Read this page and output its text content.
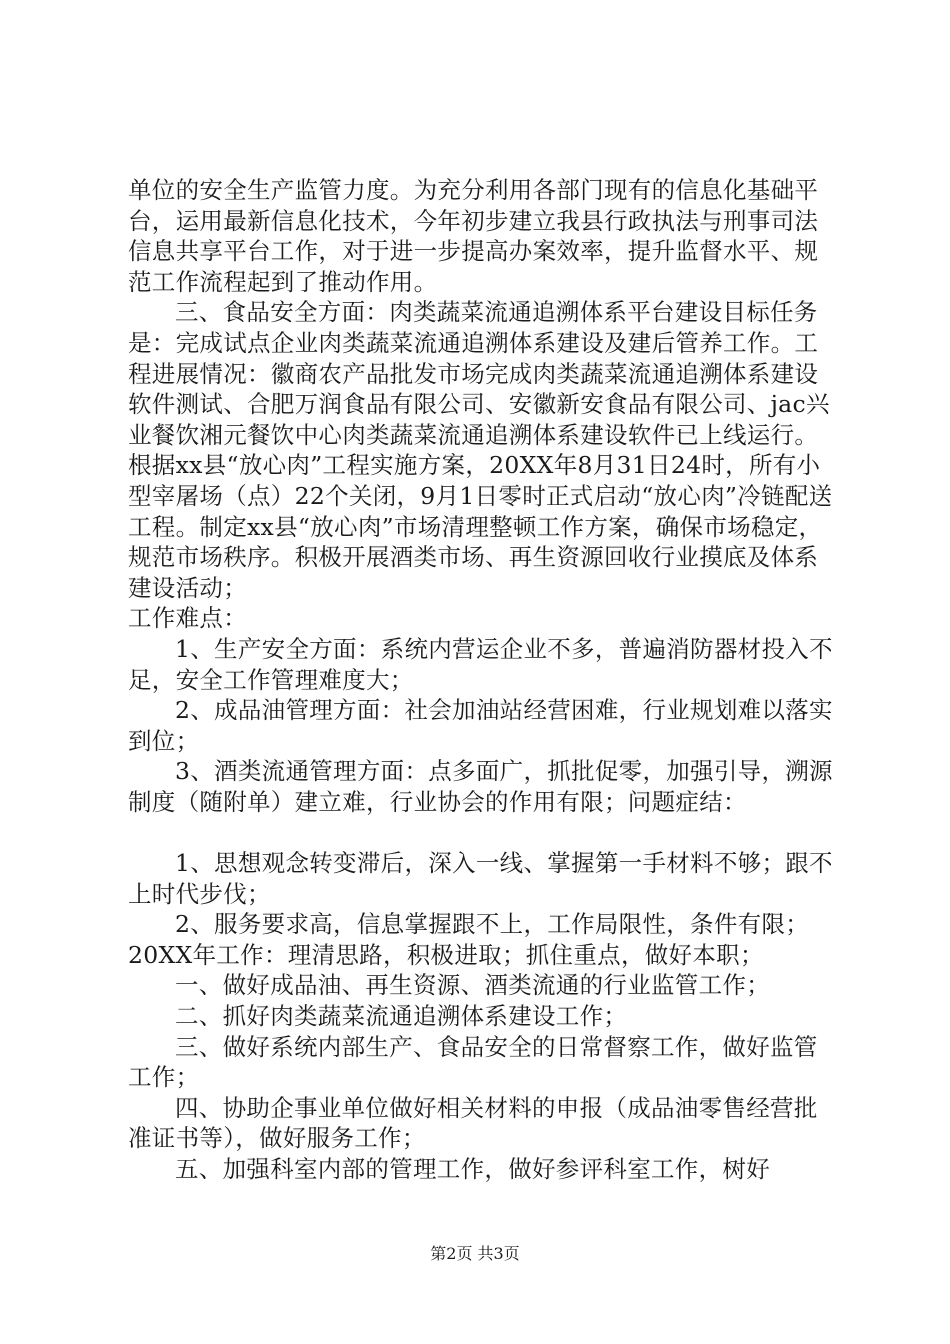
单位的安全生产监管力度。为充分利用各部门现有的信息化基础平台，运用最新信息化技术，今年初步建立我县行政执法与刑事司法信息共享平台工作，对于进一步提高办案效率，提升监督水平、规范工作流程起到了推动作用。

三、食品安全方面：肉类蔬菜流通追溯体系平台建设目标任务是：完成试点企业肉类蔬菜流通追溯体系建设及建后管养工作。工程进展情况：徽商农产品批发市场完成肉类蔬菜流通追溯体系建设软件测试、合肥万润食品有限公司、安徽新安食品有限公司、jac兴业餐饮湘元餐饮中心肉类蔬菜流通追溯体系建设软件已上线运行。根据xx县“放心肉”工程实施方案，20XX年8月31日24时，所有小型宰屠场（点）22个关闭，9月1日零时正式启动“放心肉”冷链配送工程。制定xx县“放心肉”市场清理整顿工作方案，确保市场稳定，规范市场秩序。积极开展酒类市场、再生资源回收行业摸底及体系建设活动；

工作难点：

1、生产安全方面：系统内营运企业不多，普遍消防器材投入不足，安全工作管理难度大；

2、成品油管理方面：社会加油站经营困难，行业规划难以落实到位；

3、酒类流通管理方面：点多面广，抓批促零，加强引导，溯源制度（随附单）建立难，行业协会的作用有限；问题症结：

1、思想观念转变滞后，深入一线、掌握第一手材料不够；跟不上时代步伐；

2、服务要求高，信息掌握跟不上，工作局限性，条件有限；20XX年工作：理清思路，积极进取；抓住重点，做好本职；

一、做好成品油、再生资源、酒类流通的行业监管工作；

二、抓好肉类蔬菜流通追溯体系建设工作；

三、做好系统内部生产、食品安全的日常督察工作，做好监管工作；

四、协助企事业单位做好相关材料的申报（成品油零售经营批准证书等），做好服务工作；

五、加强科室内部的管理工作，做好参评科室工作，树好

第2页 共3页
